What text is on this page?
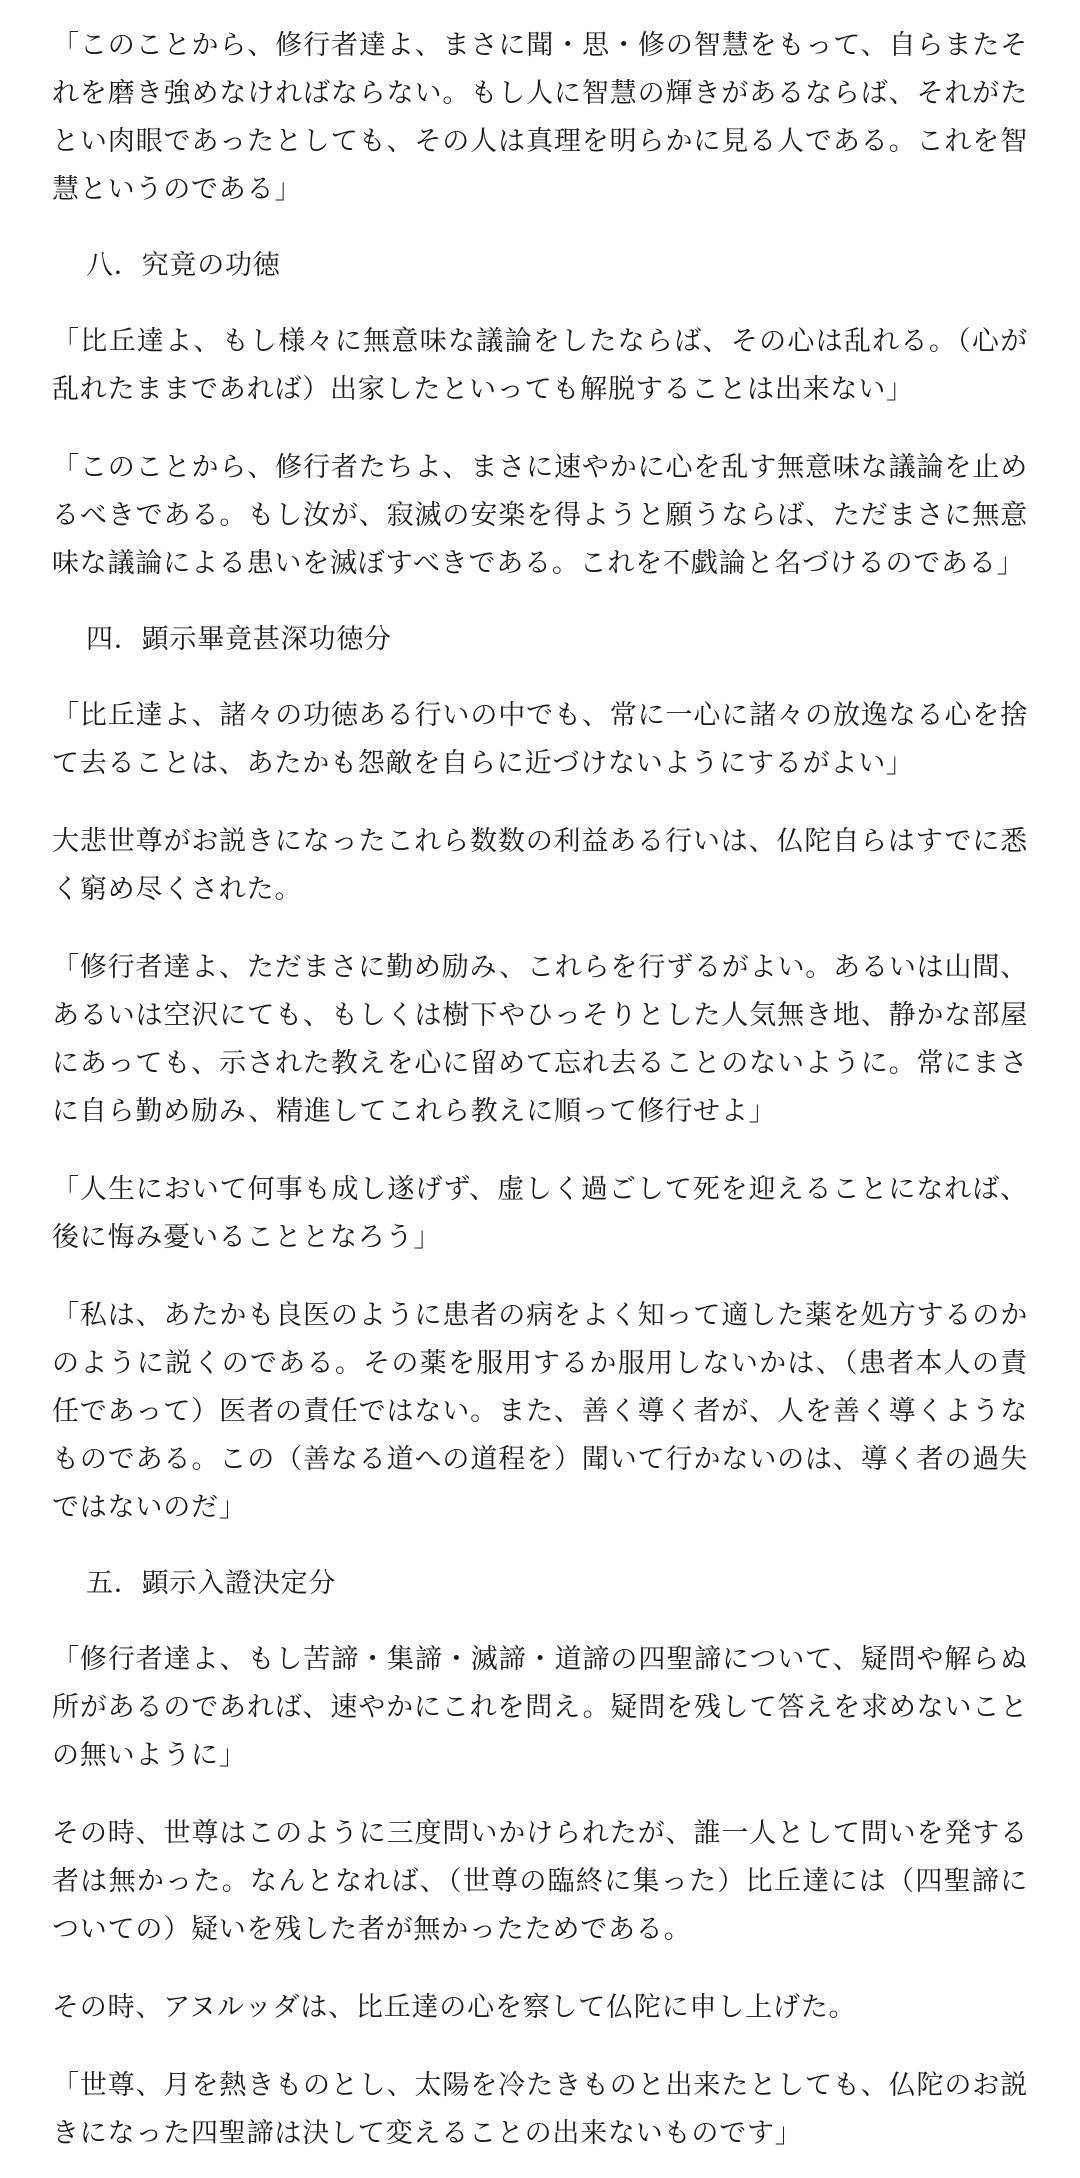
「このことから、修行者達よ、まさに聞・思・修の智慧をもって、自らまたそれを磨き強めなければならない。もし人に智慧の輝きがあるならば、それがたとい肉眼であったとしても、その人は真理を明らかに見る人である。これを智慧というのである」

八．究竟の功徳

「比丘達よ、もし様々に無意味な議論をしたならば、その心は乱れる。（心が乱れたままであれば）出家したといっても解脱することは出来ない」

「このことから、修行者たちよ、まさに速やかに心を乱す無意味な議論を止めるべきである。もし汝が、寂滅の安楽を得ようと願うならば、ただまさに無意味な議論による患いを滅ぼすべきである。これを不戯論と名づけるのである」

四．顕示畢竟甚深功徳分

「比丘達よ、諸々の功徳ある行いの中でも、常に一心に諸々の放逸なる心を捨て去ることは、あたかも怨敵を自らに近づけないようにするがよい」

大悲世尊がお説きになったこれら数数の利益ある行いは、仏陀自らはすでに悉く窮め尽くされた。

「修行者達よ、ただまさに勤め励み、これらを行ずるがよい。あるいは山間、あるいは空沢にても、もしくは樹下やひっそりとした人気無き地、静かな部屋にあっても、示された教えを心に留めて忘れ去ることのないように。常にまさに自ら勤め励み、精進してこれら教えに順って修行せよ」

「人生において何事も成し遂げず、虚しく過ごして死を迎えることになれば、後に悔み憂いることとなろう」

「私は、あたかも良医のように患者の病をよく知って適した薬を処方するのかのように説くのである。その薬を服用するか服用しないかは、（患者本人の責任であって）医者の責任ではない。また、善く導く者が、人を善く導くようなものである。この（善なる道への道程を）聞いて行かないのは、導く者の過失ではないのだ」

五．顕示入證決定分

「修行者達よ、もし苦諦・集諦・滅諦・道諦の四聖諦について、疑問や解らぬ所があるのであれば、速やかにこれを問え。疑問を残して答えを求めないことの無いように」

その時、世尊はこのように三度問いかけられたが、誰一人として問いを発する者は無かった。なんとなれば、（世尊の臨終に集った）比丘達には（四聖諦についての）疑いを残した者が無かったためである。

その時、アヌルッダは、比丘達の心を察して仏陀に申し上げた。

「世尊、月を熱きものとし、太陽を冷たきものと出来たとしても、仏陀のお説きになった四聖諦は決して変えることの出来ないものです」
